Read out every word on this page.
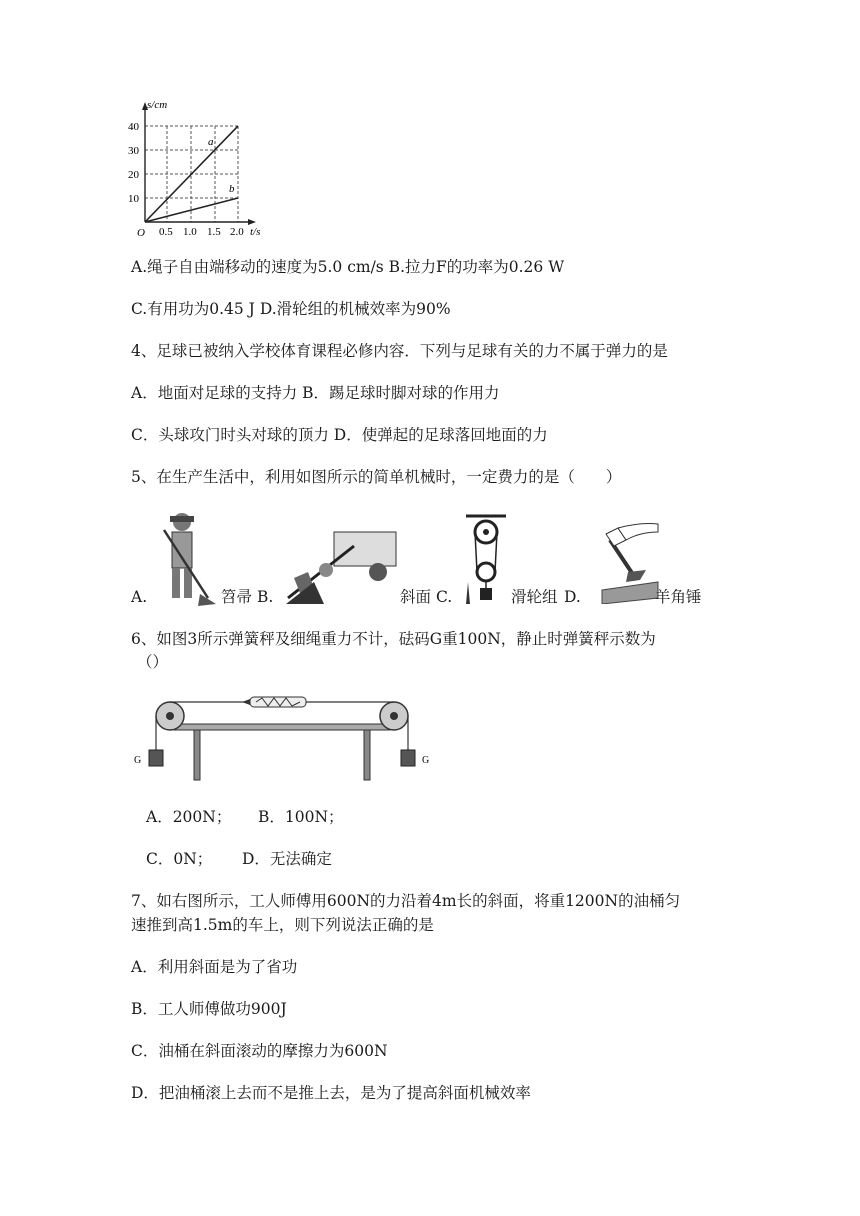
s/cm
t/s
O
10
20
30
40
0.5 1.0 1.5 2.0
a
b
A.绳子自由端移动的速度为5.0 cm/s B.拉力F的功率为0.26 W
C.有用功为0.45 J D.滑轮组的机械效率为90%
4、足球已被纳入学校体育课程必修内容．下列与足球有关的力不属于弹力的是
A．地面对足球的支持力 B．踢足球时脚对球的作用力
C．头球攻门时头对球的顶力 D．使弹起的足球落回地面的力
5、在生产生活中，利用如图所示的简单机械时，一定费力的是（　　）
A.	笤帚 B.	斜面 C.	滑轮组 D.	羊角锤
6、如图3所示弹簧秤及细绳重力不计，砝码G重100N，静止时弹簧秤示数为
（）
G	G
A．200N； B．100N；
C．0N； D．无法确定
7、如右图所示，工人师傅用600N的力沿着4m长的斜面，将重1200N的油桶匀
速推到高1.5m的车上，则下列说法正确的是
A．利用斜面是为了省功
B．工人师傅做功900J
C．油桶在斜面滚动的摩擦力为600N
D．把油桶滚上去而不是推上去，是为了提高斜面机械效率
